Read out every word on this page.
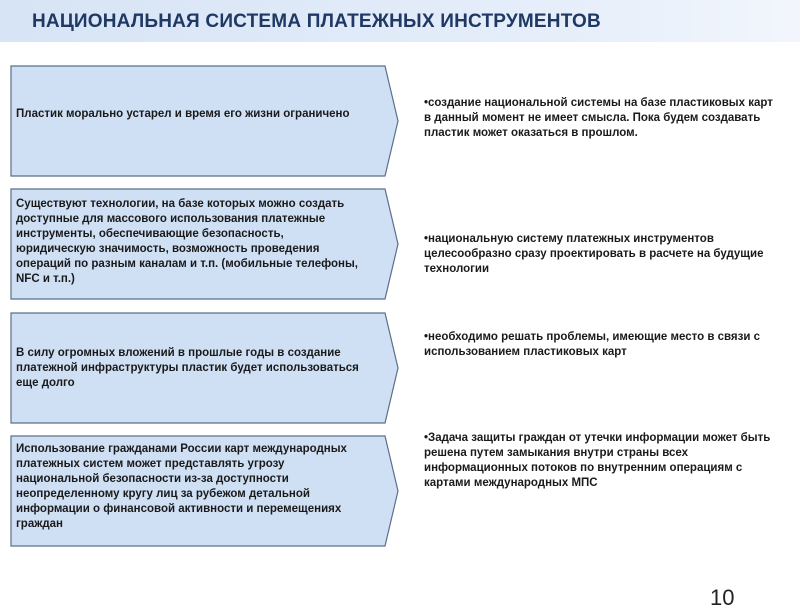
НАЦИОНАЛЬНАЯ СИСТЕМА ПЛАТЕЖНЫХ ИНСТРУМЕНТОВ
Пластик морально устарел и время его жизни ограничено
•создание национальной системы на базе пластиковых карт в данный момент не имеет смысла. Пока будем создавать пластик может оказаться в прошлом.
Существуют технологии, на базе которых можно создать доступные для массового использования платежные инструменты, обеспечивающие безопасность, юридическую значимость, возможность проведения операций по разным каналам и т.п. (мобильные телефоны, NFC и т.п.)
•национальную систему платежных инструментов целесообразно сразу проектировать в расчете на будущие технологии
В силу огромных вложений в прошлые годы в создание платежной инфраструктуры пластик будет использоваться еще долго
•необходимо решать проблемы, имеющие место в связи с использованием пластиковых карт
Использование гражданами России карт международных платежных систем может представлять угрозу национальной безопасности из-за доступности неопределенному кругу лиц за рубежом детальной информации о финансовой активности и перемещениях граждан
•Задача защиты граждан от утечки информации может быть решена путем замыкания внутри страны всех информационных потоков по внутренним операциям с картами международных МПС
10
